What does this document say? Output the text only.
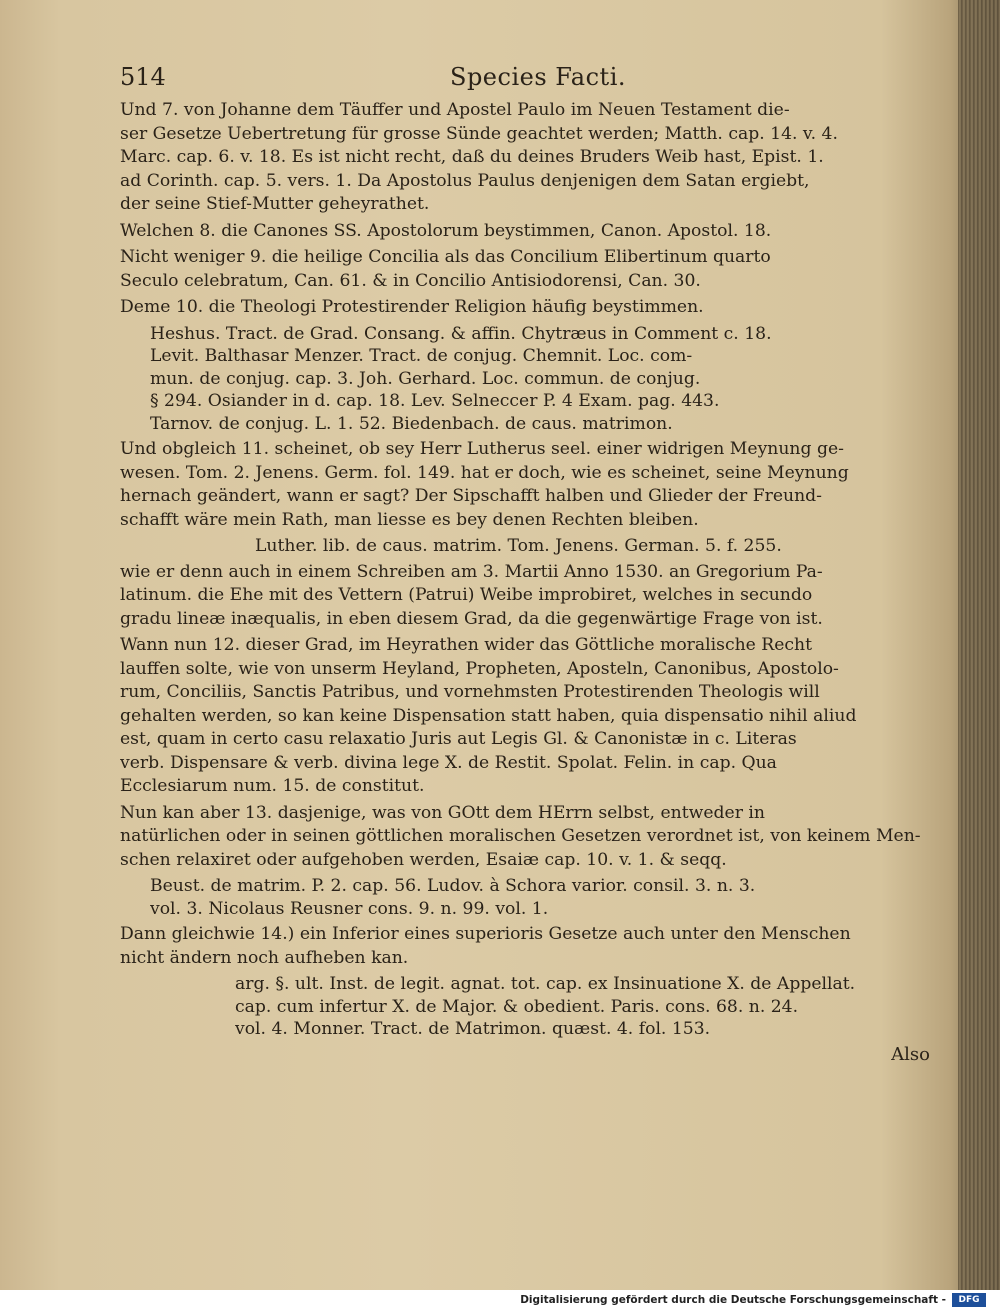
514	Species Facti.
Und 7. von Johanne dem Täuffer und Apostel Paulo im Neuen Testament die-
ser Gesetze Uebertretung für grosse Sünde geachtet werden; Matth. cap. 14. v. 4.
Marc. cap. 6. v. 18. Es ist nicht recht, daß du deines Bruders Weib hast, Epist. 1.
ad Corinth. cap. 5. vers. 1. Da Apostolus Paulus denjenigen dem Satan ergiebt,
der seine Stief-Mutter geheyrathet.
Welchen 8. die Canones SS. Apostolorum beystimmen, Canon. Apostol. 18.
Nicht weniger 9. die heilige Concilia als das Concilium Elibertinum quarto
Seculo celebratum, Can. 61. & in Concilio Antisiodorensi, Can. 30.
Deme 10. die Theologi Protestirender Religion häufig beystimmen.
Heshus. Tract. de Grad. Consang. & affin. Chytræus in Comment c. 18.
Levit. Balthasar Menzer. Tract. de conjug. Chemnit. Loc. com-
mun. de conjug. cap. 3. Joh. Gerhard. Loc. commun. de conjug.
§ 294. Osiander in d. cap. 18. Lev. Selneccer P. 4 Exam. pag. 443.
Tarnov. de conjug. L. 1. 52. Biedenbach. de caus. matrimon.
Und obgleich 11. scheinet, ob sey Herr Lutherus seel. einer widrigen Meynung ge-
wesen. Tom. 2. Jenens. Germ. fol. 149. hat er doch, wie es scheinet, seine Meynung
hernach geändert, wann er sagt? Der Sipschafft halben und Glieder der Freund-
schafft wäre mein Rath, man liesse es bey denen Rechten bleiben.
Luther. lib. de caus. matrim. Tom. Jenens. German. 5. f. 255.
wie er denn auch in einem Schreiben am 3. Martii Anno 1530. an Gregorium Pa-
latinum. die Ehe mit des Vettern (Patrui) Weibe improbiret, welches in secundo
gradu lineæ inæqualis, in eben diesem Grad, da die gegenwärtige Frage von ist.
Wann nun 12. dieser Grad, im Heyrathen wider das Göttliche moralische Recht
lauffen solte, wie von unserm Heyland, Propheten, Aposteln, Canonibus, Apostolo-
rum, Conciliis, Sanctis Patribus, und vornehmsten Protestirenden Theologis will
gehalten werden, so kan keine Dispensation statt haben, quia dispensatio nihil aliud
est, quam in certo casu relaxatio Juris aut Legis Gl. & Canonistæ in c. Literas
verb. Dispensare & verb. divina lege X. de Restit. Spolat. Felin. in cap. Qua
Ecclesiarum num. 15. de constitut.
Nun kan aber 13. dasjenige, was von GOtt dem HErrn selbst, entweder in
natürlichen oder in seinen göttlichen moralischen Gesetzen verordnet ist, von keinem Men-
schen relaxiret oder aufgehoben werden, Esaiæ cap. 10. v. 1. & seqq.
Beust. de matrim. P. 2. cap. 56. Ludov. à Schora varior. consil. 3. n. 3.
vol. 3. Nicolaus Reusner cons. 9. n. 99. vol. 1.
Dann gleichwie 14.) ein Inferior eines superioris Gesetze auch unter den Menschen
nicht ändern noch aufheben kan.
arg. §. ult. Inst. de legit. agnat. tot. cap. ex Insinuatione X. de Appellat.
cap. cum infertur X. de Major. & obedient. Paris. cons. 68. n. 24.
vol. 4. Monner. Tract. de Matrimon. quæst. 4. fol. 153.
Also
Digitalisierung gefördert durch die Deutsche Forschungsgemeinschaft -	DFG
